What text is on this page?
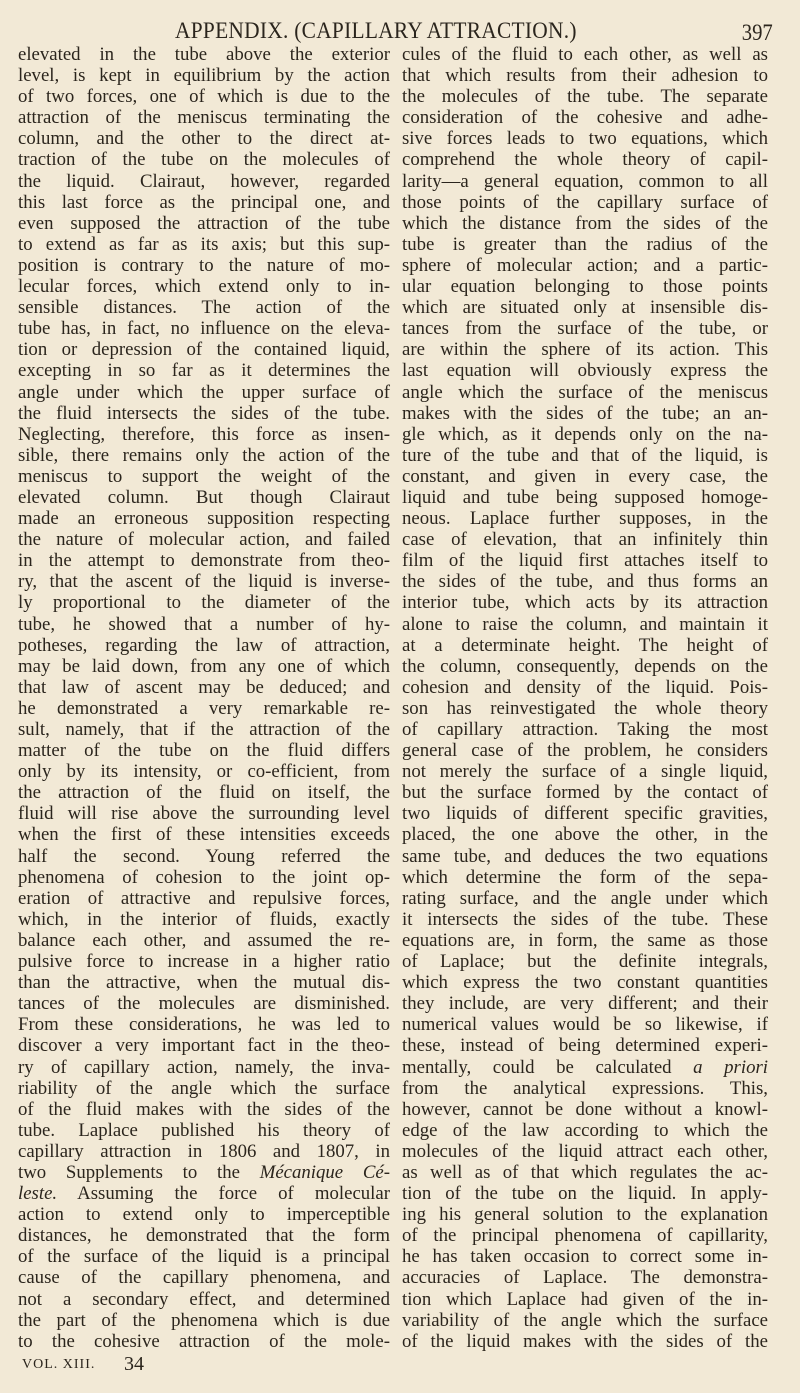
APPENDIX. (CAPILLARY ATTRACTION.)	397
elevated in the tube above the exterior
level, is kept in equilibrium by the action
of two forces, one of which is due to the
attraction of the meniscus terminating the
column, and the other to the direct at-
traction of the tube on the molecules of
the liquid. Clairaut, however, regarded
this last force as the principal one, and
even supposed the attraction of the tube
to extend as far as its axis; but this sup-
position is contrary to the nature of mo-
lecular forces, which extend only to in-
sensible distances. The action of the
tube has, in fact, no influence on the eleva-
tion or depression of the contained liquid,
excepting in so far as it determines the
angle under which the upper surface of
the fluid intersects the sides of the tube.
Neglecting, therefore, this force as insen-
sible, there remains only the action of the
meniscus to support the weight of the
elevated column. But though Clairaut
made an erroneous supposition respecting
the nature of molecular action, and failed
in the attempt to demonstrate from theo-
ry, that the ascent of the liquid is inverse-
ly proportional to the diameter of the
tube, he showed that a number of hy-
potheses, regarding the law of attraction,
may be laid down, from any one of which
that law of ascent may be deduced; and
he demonstrated a very remarkable re-
sult, namely, that if the attraction of the
matter of the tube on the fluid differs
only by its intensity, or co-efficient, from
the attraction of the fluid on itself, the
fluid will rise above the surrounding level
when the first of these intensities exceeds
half the second. Young referred the
phenomena of cohesion to the joint op-
eration of attractive and repulsive forces,
which, in the interior of fluids, exactly
balance each other, and assumed the re-
pulsive force to increase in a higher ratio
than the attractive, when the mutual dis-
tances of the molecules are disminished.
From these considerations, he was led to
discover a very important fact in the theo-
ry of capillary action, namely, the inva-
riability of the angle which the surface
of the fluid makes with the sides of the
tube. Laplace published his theory of
capillary attraction in 1806 and 1807, in
two Supplements to the Mécanique Cé-
leste. Assuming the force of molecular
action to extend only to imperceptible
distances, he demonstrated that the form
of the surface of the liquid is a principal
cause of the capillary phenomena, and
not a secondary effect, and determined
the part of the phenomena which is due
to the cohesive attraction of the mole-
cules of the fluid to each other, as well as
that which results from their adhesion to
the molecules of the tube. The separate
consideration of the cohesive and adhe-
sive forces leads to two equations, which
comprehend the whole theory of capil-
larity—a general equation, common to all
those points of the capillary surface of
which the distance from the sides of the
tube is greater than the radius of the
sphere of molecular action; and a partic-
ular equation belonging to those points
which are situated only at insensible dis-
tances from the surface of the tube, or
are within the sphere of its action. This
last equation will obviously express the
angle which the surface of the meniscus
makes with the sides of the tube; an an-
gle which, as it depends only on the na-
ture of the tube and that of the liquid, is
constant, and given in every case, the
liquid and tube being supposed homoge-
neous. Laplace further supposes, in the
case of elevation, that an infinitely thin
film of the liquid first attaches itself to
the sides of the tube, and thus forms an
interior tube, which acts by its attraction
alone to raise the column, and maintain it
at a determinate height. The height of
the column, consequently, depends on the
cohesion and density of the liquid. Pois-
son has reinvestigated the whole theory
of capillary attraction. Taking the most
general case of the problem, he considers
not merely the surface of a single liquid,
but the surface formed by the contact of
two liquids of different specific gravities,
placed, the one above the other, in the
same tube, and deduces the two equations
which determine the form of the sepa-
rating surface, and the angle under which
it intersects the sides of the tube. These
equations are, in form, the same as those
of Laplace; but the definite integrals,
which express the two constant quantities
they include, are very different; and their
numerical values would be so likewise, if
these, instead of being determined experi-
mentally, could be calculated a priori
from the analytical expressions. This,
however, cannot be done without a knowl-
edge of the law according to which the
molecules of the liquid attract each other,
as well as of that which regulates the ac-
tion of the tube on the liquid. In apply-
ing his general solution to the explanation
of the principal phenomena of capillarity,
he has taken occasion to correct some in-
accuracies of Laplace. The demonstra-
tion which Laplace had given of the in-
variability of the angle which the surface
of the liquid makes with the sides of the
VOL. XIII. 34
